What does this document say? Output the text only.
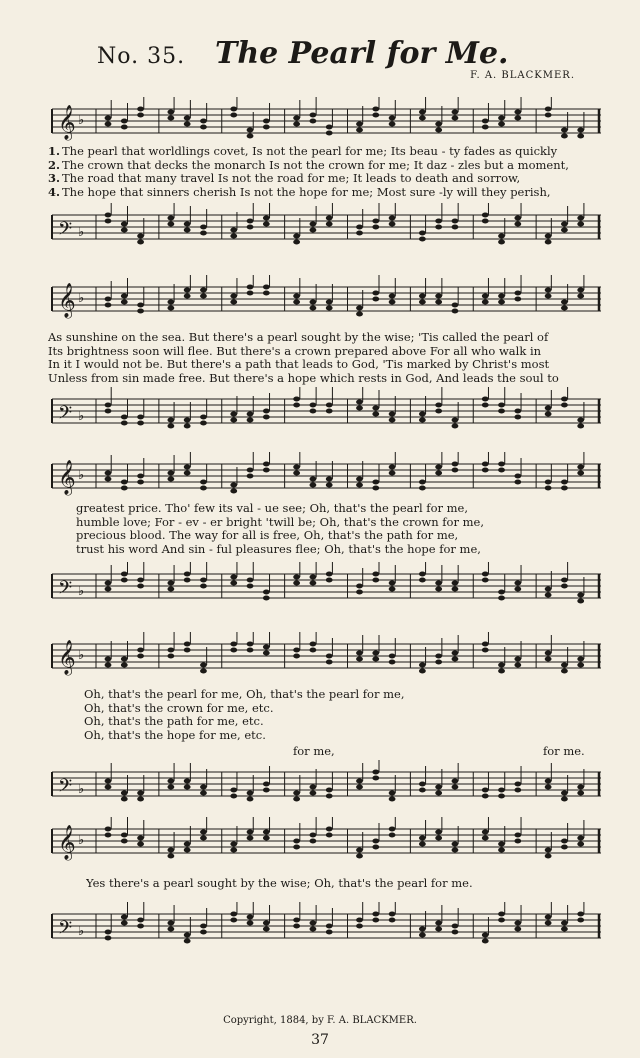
No. 35. The Pearl for Me.
F. A. BLACKMER.
𝄞 ♭
1. The pearl that worldlings covet, Is not the pearl for me; Its beau - ty fades as quickly
2. The crown that decks the monarch Is not the crown for me; It daz - zles but a moment,
3. The road that many travel Is not the road for me; It leads to death and sorrow,
4. The hope that sinners cherish Is not the hope for me; Most sure -ly will they perish,
𝄢 ♭
𝄞 ♭
As sunshine on the sea. But there's a pearl sought by the wise; 'Tis called the pearl of
Its brightness soon will flee. But there's a crown prepared above For all who walk in
In it I would not be. But there's a path that leads to God, 'Tis marked by Christ's most
Unless from sin made free. But there's a hope which rests in God, And leads the soul to
𝄢 ♭
𝄞 ♭
greatest price. Tho' few its val - ue see; Oh, that's the pearl for me,
humble love; For - ev - er bright 'twill be; Oh, that's the crown for me,
precious blood. The way for all is free, Oh, that's the path for me,
trust his word And sin - ful pleasures flee; Oh, that's the hope for me,
𝄢 ♭
𝄞 ♭
Oh, that's the pearl for me, Oh, that's the pearl for me,
Oh, that's the crown for me, etc.
Oh, that's the path for me, etc.
Oh, that's the hope for me, etc.
for me,	for me.
𝄢 ♭
𝄞 ♭
Yes there's a pearl sought by the wise; Oh, that's the pearl for me.
𝄢 ♭
Copyright, 1884, by F. A. BLACKMER.
37
